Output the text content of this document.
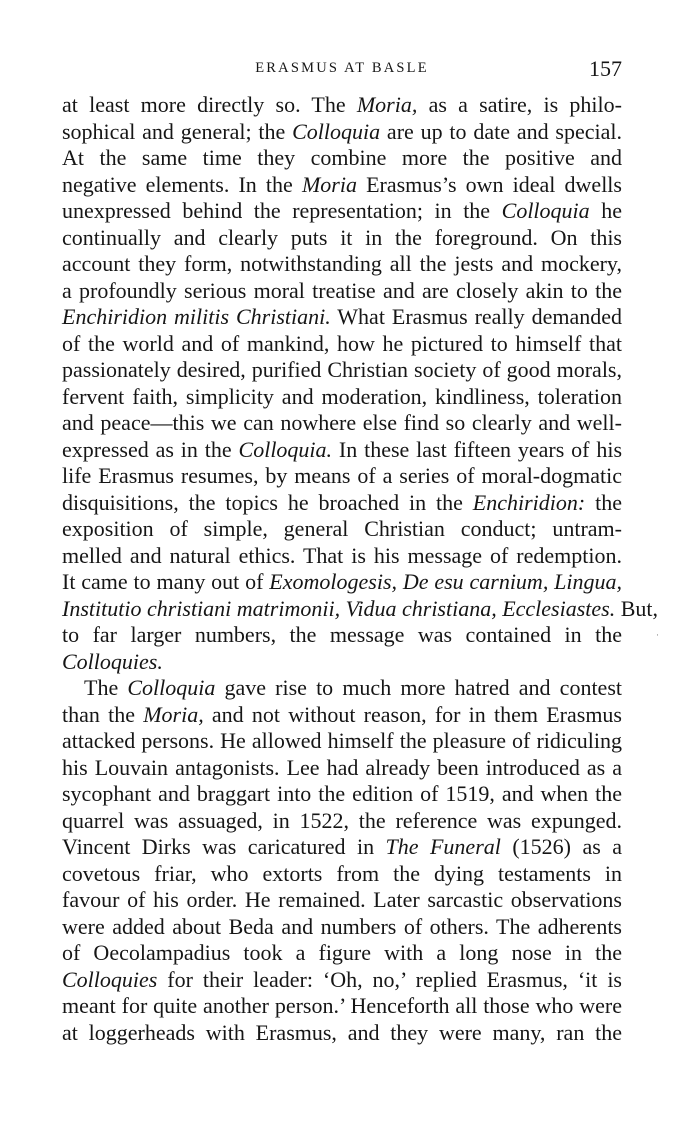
ERASMUS AT BASLE	157
at least more directly so. The Moria, as a satire, is philo-
sophical and general; the Colloquia are up to date and special.
At the same time they combine more the positive and
negative elements. In the Moria Erasmus’s own ideal dwells
unexpressed behind the representation; in the Colloquia he
continually and clearly puts it in the foreground. On this
account they form, notwithstanding all the jests and mockery,
a profoundly serious moral treatise and are closely akin to the
Enchiridion militis Christiani. What Erasmus really demanded
of the world and of mankind, how he pictured to himself that
passionately desired, purified Christian society of good morals,
fervent faith, simplicity and moderation, kindliness, toleration
and peace—this we can nowhere else find so clearly and well-
expressed as in the Colloquia. In these last fifteen years of his
life Erasmus resumes, by means of a series of moral-dogmatic
disquisitions, the topics he broached in the Enchiridion: the
exposition of simple, general Christian conduct; untram-
melled and natural ethics. That is his message of redemption.
It came to many out of Exomologesis, De esu carnium, Lingua,
Institutio christiani matrimonii, Vidua christiana, Ecclesiastes. But,
to far larger numbers, the message was contained in the
Colloquies.
The Colloquia gave rise to much more hatred and contest
than the Moria, and not without reason, for in them Erasmus
attacked persons. He allowed himself the pleasure of ridiculing
his Louvain antagonists. Lee had already been introduced as a
sycophant and braggart into the edition of 1519, and when the
quarrel was assuaged, in 1522, the reference was expunged.
Vincent Dirks was caricatured in The Funeral (1526) as a
covetous friar, who extorts from the dying testaments in
favour of his order. He remained. Later sarcastic observations
were added about Beda and numbers of others. The adherents
of Oecolampadius took a figure with a long nose in the
Colloquies for their leader: ‘Oh, no,’ replied Erasmus, ‘it is
meant for quite another person.’ Henceforth all those who were
at loggerheads with Erasmus, and they were many, ran the
·
